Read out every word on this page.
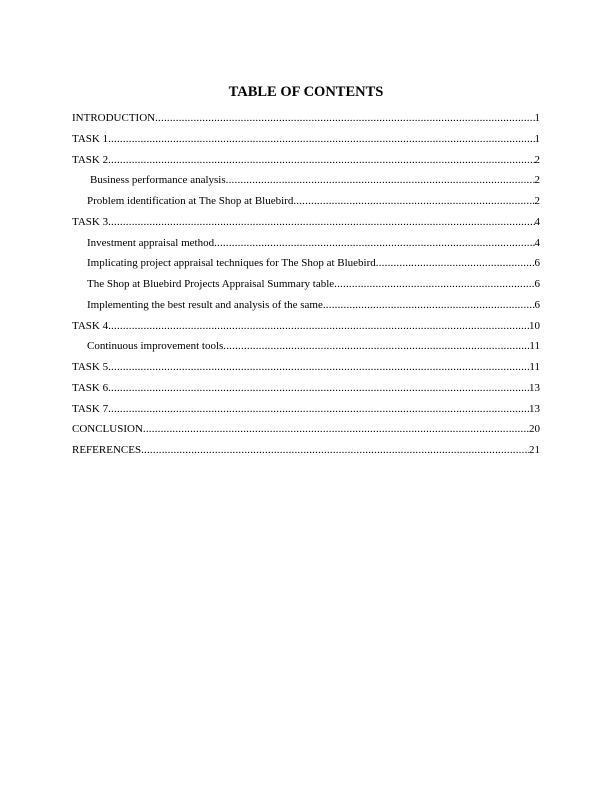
TABLE OF CONTENTS
INTRODUCTION .....	1
TASK 1 .....	1
TASK 2 .....	2
Business performance analysis .....	2
Problem identification at The Shop at Bluebird .....	2
TASK 3 .....	4
Investment appraisal method .....	4
Implicating project appraisal techniques for The Shop at Bluebird .....	6
The Shop at Bluebird Projects Appraisal Summary table .....	6
Implementing the best result and analysis of the same .....	6
TASK 4 .....	10
Continuous improvement tools .....	11
TASK 5 .....	11
TASK 6 .....	13
TASK 7 .....	13
CONCLUSION .....	20
REFERENCES .....	21
